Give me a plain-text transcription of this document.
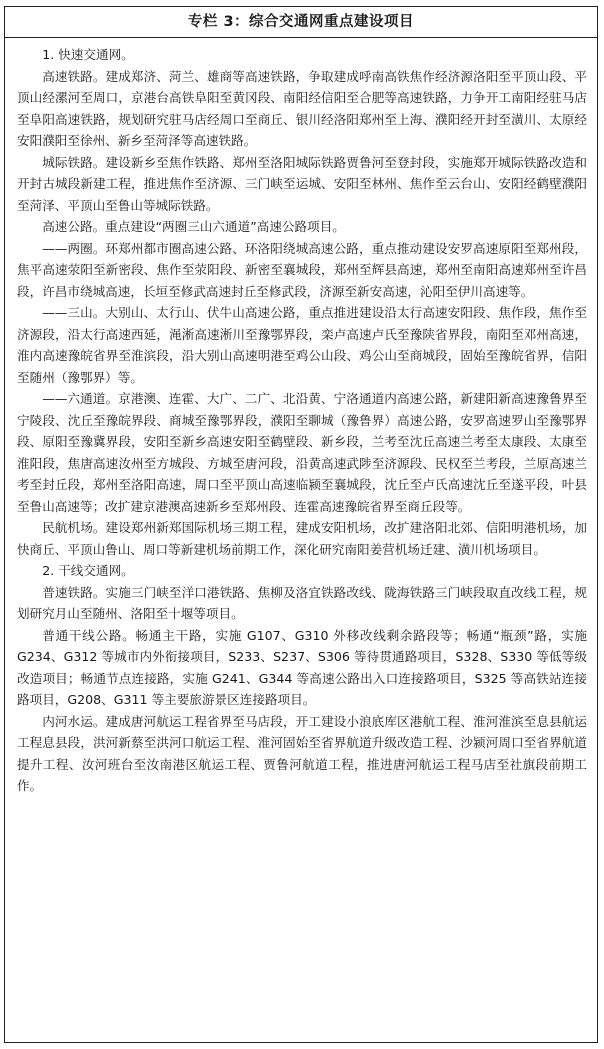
专栏 3：综合交通网重点建设项目

1. 快速交通网。

高速铁路。建成郑济、菏兰、雄商等高速铁路，争取建成呼南高铁焦作经济源洛阳至平顶山段、平顶山经漯河至周口，京港台高铁阜阳至黄冈段、南阳经信阳至合肥等高速铁路，力争开工南阳经驻马店至阜阳高速铁路，规划研究驻马店经周口至商丘、银川经洛阳郑州至上海、濮阳经开封至潢川、太原经安阳濮阳至徐州、新乡至菏泽等高速铁路。

城际铁路。建设新乡至焦作铁路、郑州至洛阳城际铁路贾鲁河至登封段，实施郑开城际铁路改造和开封古城段新建工程，推进焦作至济源、三门峡至运城、安阳至林州、焦作至云台山、安阳经鹤壁濮阳至菏泽、平顶山至鲁山等城际铁路。

高速公路。重点建设“两圈三山六通道”高速公路项目。

——两圈。环郑州都市圈高速公路、环洛阳绕城高速公路，重点推动建设安罗高速原阳至郑州段，焦平高速荥阳至新密段、焦作至荥阳段、新密至襄城段，郑州至辉县高速，郑州至南阳高速郑州至许昌段，许昌市绕城高速，长垣至修武高速封丘至修武段，济源至新安高速，沁阳至伊川高速等。

——三山。大别山、太行山、伏牛山高速公路，重点推进建设沿太行高速安阳段、焦作段，焦作至济源段，沿太行高速西延，渑淅高速淅川至豫鄂界段，栾卢高速卢氏至豫陕省界段，南阳至邓州高速，淮内高速豫皖省界至淮滨段，沿大别山高速明港至鸡公山段、鸡公山至商城段，固始至豫皖省界，信阳至随州（豫鄂界）等。

——六通道。京港澳、连霍、大广、二广、北沿黄、宁洛通道内高速公路，新建阳新高速豫鲁界至宁陵段、沈丘至豫皖界段、商城至豫鄂界段，濮阳至聊城（豫鲁界）高速公路，安罗高速罗山至豫鄂界段、原阳至豫冀界段，安阳至新乡高速安阳至鹤壁段、新乡段，兰考至沈丘高速兰考至太康段、太康至淮阳段，焦唐高速汝州至方城段、方城至唐河段，沿黄高速武陟至济源段、民权至兰考段，兰原高速兰考至封丘段，郑州至洛阳高速，周口至平顶山高速临颍至襄城段，沈丘至卢氏高速沈丘至遂平段，叶县至鲁山高速等；改扩建京港澳高速新乡至郑州段、连霍高速豫皖省界至商丘段等。

民航机场。建设郑州新郑国际机场三期工程，建成安阳机场，改扩建洛阳北郊、信阳明港机场，加快商丘、平顶山鲁山、周口等新建机场前期工作，深化研究南阳姜营机场迁建、潢川机场项目。

2. 干线交通网。

普速铁路。实施三门峡至洋口港铁路、焦柳及洛宜铁路改线、陇海铁路三门峡段取直改线工程，规划研究月山至随州、洛阳至十堰等项目。

普通干线公路。畅通主干路，实施 G107、G310 外移改线剩余路段等；畅通“瓶颈”路，实施 G234、G312 等城市内外衔接项目，S233、S237、S306 等待贯通路项目，S328、S330 等低等级改造项目；畅通节点连接路，实施 G241、G344 等高速公路出入口连接路项目，S325 等高铁站连接路项目，G208、G311 等主要旅游景区连接路项目。

内河水运。建成唐河航运工程省界至马店段，开工建设小浪底库区港航工程、淮河淮滨至息县航运工程息县段，洪河新蔡至洪河口航运工程、淮河固始至省界航道升级改造工程、沙颍河周口至省界航道提升工程、汝河班台至汝南港区航运工程、贾鲁河航道工程，推进唐河航运工程马店至社旗段前期工作。
